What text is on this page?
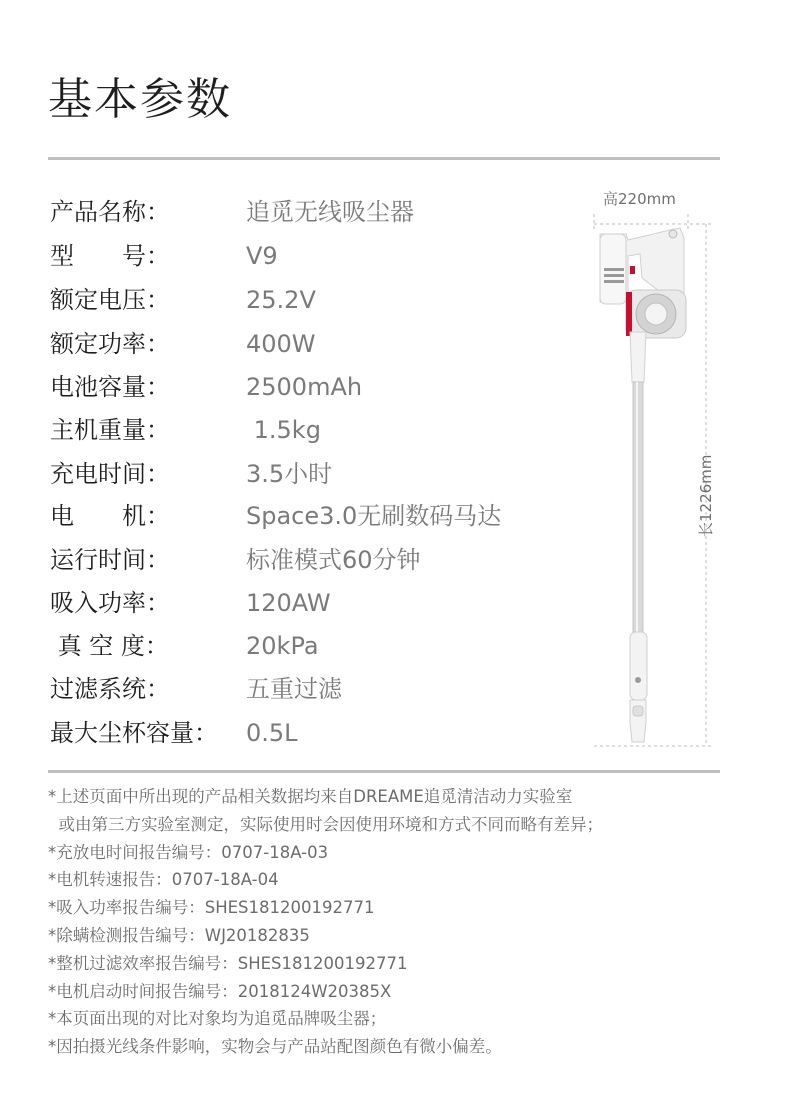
基本参数
产品名称：	追觅无线吸尘器
型　　号：	V9
额定电压：	25.2V
额定功率：	400W
电池容量：	2500mAh
主机重量：	1.5kg
充电时间：	3.5小时
电　　机：	Space3.0无刷数码马达
运行时间：	标准模式60分钟
吸入功率：	120AW
真 空 度：	20kPa
过滤系统：	五重过滤
最大尘杯容量：	0.5L
高220mm
长1226mm
*上述页面中所出现的产品相关数据均来自DREAME追觅清洁动力实验室
或由第三方实验室测定，实际使用时会因使用环境和方式不同而略有差异；
*充放电时间报告编号：0707-18A-03
*电机转速报告：0707-18A-04
*吸入功率报告编号：SHES181200192771
*除螨检测报告编号：WJ20182835
*整机过滤效率报告编号：SHES181200192771
*电机启动时间报告编号：2018124W20385X
*本页面出现的对比对象均为追觅品牌吸尘器；
*因拍摄光线条件影响，实物会与产品站配图颜色有微小偏差。
